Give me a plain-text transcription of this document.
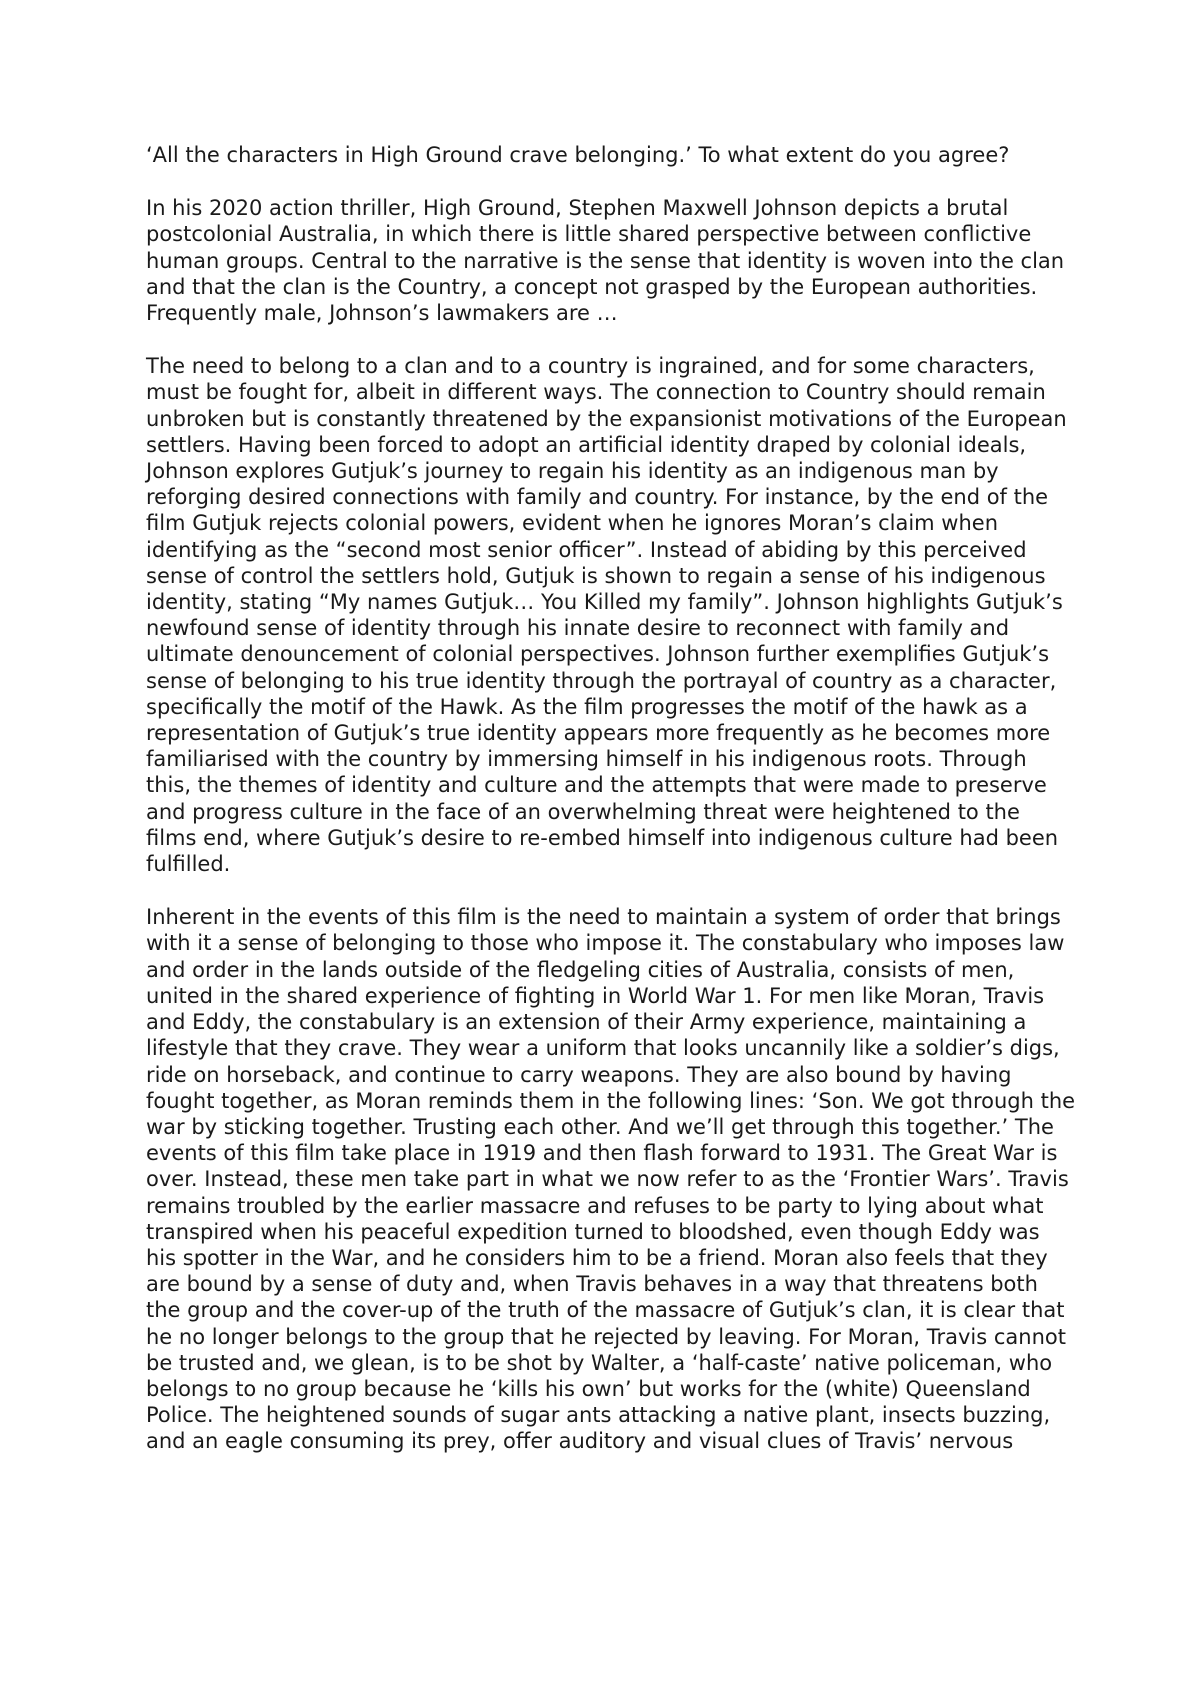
‘All the characters in High Ground crave belonging.’ To what extent do you agree?

In his 2020 action thriller, High Ground, Stephen Maxwell Johnson depicts a brutal postcolonial Australia, in which there is little shared perspective between conflictive human groups. Central to the narrative is the sense that identity is woven into the clan and that the clan is the Country, a concept not grasped by the European authorities. Frequently male, Johnson’s lawmakers are …

The need to belong to a clan and to a country is ingrained, and for some characters, must be fought for, albeit in different ways. The connection to Country should remain unbroken but is constantly threatened by the expansionist motivations of the European settlers. Having been forced to adopt an artificial identity draped by colonial ideals, Johnson explores Gutjuk’s journey to regain his identity as an indigenous man by reforging desired connections with family and country. For instance, by the end of the film Gutjuk rejects colonial powers, evident when he ignores Moran’s claim when identifying as the “second most senior officer”. Instead of abiding by this perceived sense of control the settlers hold, Gutjuk is shown to regain a sense of his indigenous identity, stating “My names Gutjuk… You Killed my family”. Johnson highlights Gutjuk’s newfound sense of identity through his innate desire to reconnect with family and ultimate denouncement of colonial perspectives. Johnson further exemplifies Gutjuk’s sense of belonging to his true identity through the portrayal of country as a character, specifically the motif of the Hawk. As the film progresses the motif of the hawk as a representation of Gutjuk’s true identity appears more frequently as he becomes more familiarised with the country by immersing himself in his indigenous roots. Through this, the themes of identity and culture and the attempts that were made to preserve and progress culture in the face of an overwhelming threat were heightened to the films end, where Gutjuk’s desire to re-embed himself into indigenous culture had been fulfilled.

Inherent in the events of this film is the need to maintain a system of order that brings with it a sense of belonging to those who impose it. The constabulary who imposes law and order in the lands outside of the fledgeling cities of Australia, consists of men, united in the shared experience of fighting in World War 1. For men like Moran, Travis and Eddy, the constabulary is an extension of their Army experience, maintaining a lifestyle that they crave. They wear a uniform that looks uncannily like a soldier’s digs, ride on horseback, and continue to carry weapons. They are also bound by having fought together, as Moran reminds them in the following lines: ‘Son. We got through the war by sticking together. Trusting each other. And we’ll get through this together.’ The events of this film take place in 1919 and then flash forward to 1931. The Great War is over. Instead, these men take part in what we now refer to as the ‘Frontier Wars’. Travis remains troubled by the earlier massacre and refuses to be party to lying about what transpired when his peaceful expedition turned to bloodshed, even though Eddy was his spotter in the War, and he considers him to be a friend. Moran also feels that they are bound by a sense of duty and, when Travis behaves in a way that threatens both the group and the cover-up of the truth of the massacre of Gutjuk’s clan, it is clear that he no longer belongs to the group that he rejected by leaving. For Moran, Travis cannot be trusted and, we glean, is to be shot by Walter, a ‘half-caste’ native policeman, who belongs to no group because he ‘kills his own’ but works for the (white) Queensland Police. The heightened sounds of sugar ants attacking a native plant, insects buzzing, and an eagle consuming its prey, offer auditory and visual clues of Travis’ nervous
